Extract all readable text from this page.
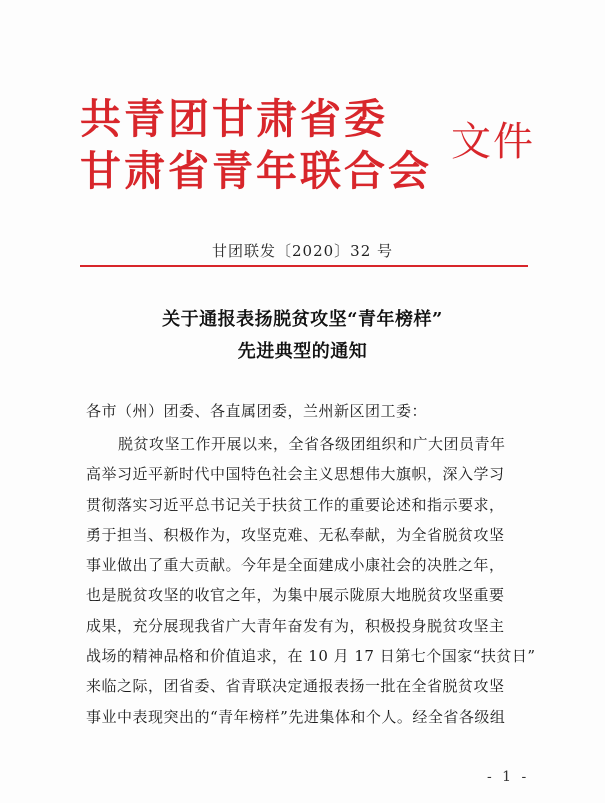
共青团甘肃省委
甘肃省青年联合会
文件
甘团联发〔2020〕32 号
关于通报表扬脱贫攻坚“青年榜样”
先进典型的通知
各市（州）团委、各直属团委，兰州新区团工委：
脱贫攻坚工作开展以来，全省各级团组织和广大团员青年
高举习近平新时代中国特色社会主义思想伟大旗帜，深入学习
贯彻落实习近平总书记关于扶贫工作的重要论述和指示要求，
勇于担当、积极作为，攻坚克难、无私奉献，为全省脱贫攻坚
事业做出了重大贡献。今年是全面建成小康社会的决胜之年，
也是脱贫攻坚的收官之年，为集中展示陇原大地脱贫攻坚重要
成果，充分展现我省广大青年奋发有为，积极投身脱贫攻坚主
战场的精神品格和价值追求，在 10 月 17 日第七个国家“扶贫日”
来临之际，团省委、省青联决定通报表扬一批在全省脱贫攻坚
事业中表现突出的“青年榜样”先进集体和个人。经全省各级组
- 1 -
